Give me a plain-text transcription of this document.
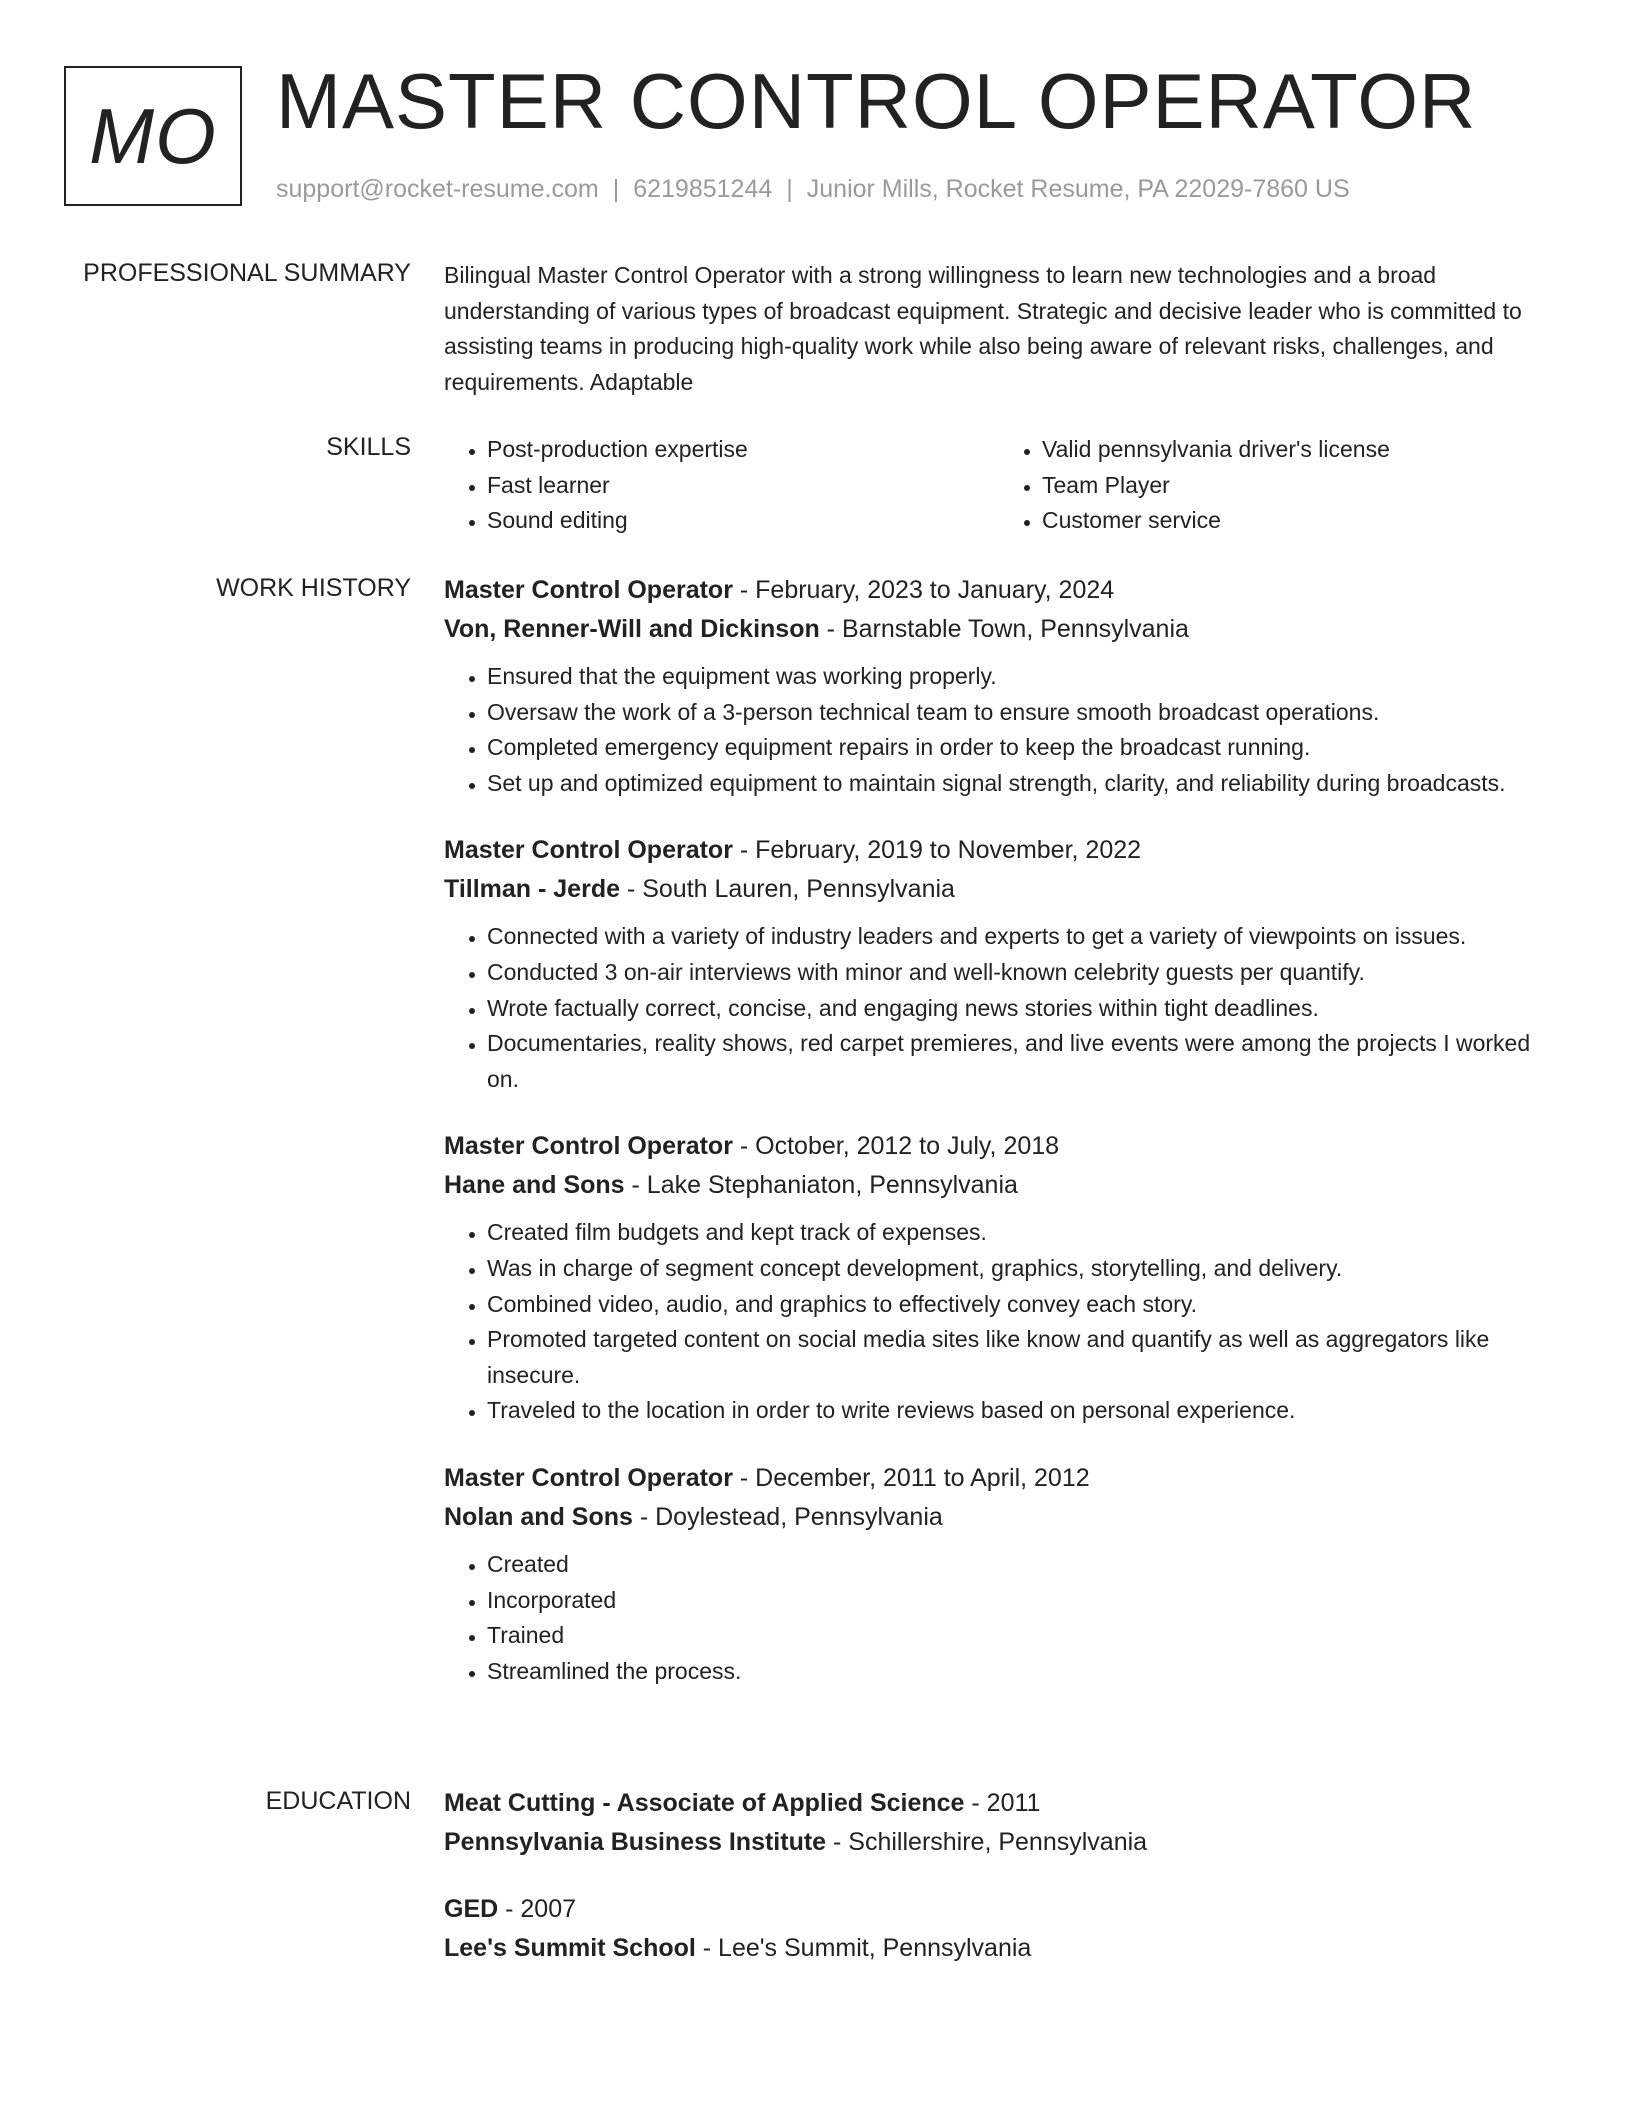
MO MASTER CONTROL OPERATOR
support@rocket-resume.com | 6219851244 | Junior Mills, Rocket Resume, PA 22029-7860 US
PROFESSIONAL SUMMARY Bilingual Master Control Operator with a strong willingness to learn new technologies and a broad understanding of various types of broadcast equipment. Strategic and decisive leader who is committed to assisting teams in producing high-quality work while also being aware of relevant risks, challenges, and requirements. Adaptable

SKILLS
•	Post-production expertise
• Fast learner
• Sound editing
• Valid pennsylvania driver's license
• Team Player
• Customer service
WORK HISTORY Master Control Operator - February, 2023 to January, 2024
Von, Renner-Will and Dickinson - Barnstable Town, Pennsylvania
• Ensured that the equipment was working properly.
• Oversaw the work of a 3-person technical team to ensure smooth broadcast operations.
• Completed emergency equipment repairs in order to keep the broadcast running.
• Set up and optimized equipment to maintain signal strength, clarity, and reliability during broadcasts.
Master Control Operator - February, 2019 to November, 2022
Tillman - Jerde - South Lauren, Pennsylvania
• Connected with a variety of industry leaders and experts to get a variety of viewpoints on issues.
• Conducted 3 on-air interviews with minor and well-known celebrity guests per quantify.
• Wrote factually correct, concise, and engaging news stories within tight deadlines.
• Documentaries, reality shows, red carpet premieres, and live events were among the projects I worked on.
Master Control Operator - October, 2012 to July, 2018
Hane and Sons - Lake Stephaniaton, Pennsylvania
• Created film budgets and kept track of expenses.
• Was in charge of segment concept development, graphics, storytelling, and delivery.
• Combined video, audio, and graphics to effectively convey each story.
• Promoted targeted content on social media sites like know and quantify as well as aggregators like insecure.
• Traveled to the location in order to write reviews based on personal experience.
Master Control Operator - December, 2011 to April, 2012
Nolan and Sons - Doylestead, Pennsylvania
• Created
• Incorporated
• Trained
• Streamlined the process.
EDUCATION Meat Cutting - Associate of Applied Science - 2011
Pennsylvania Business Institute - Schillershire, Pennsylvania
GED - 2007
Lee's Summit School - Lee's Summit, Pennsylvania
